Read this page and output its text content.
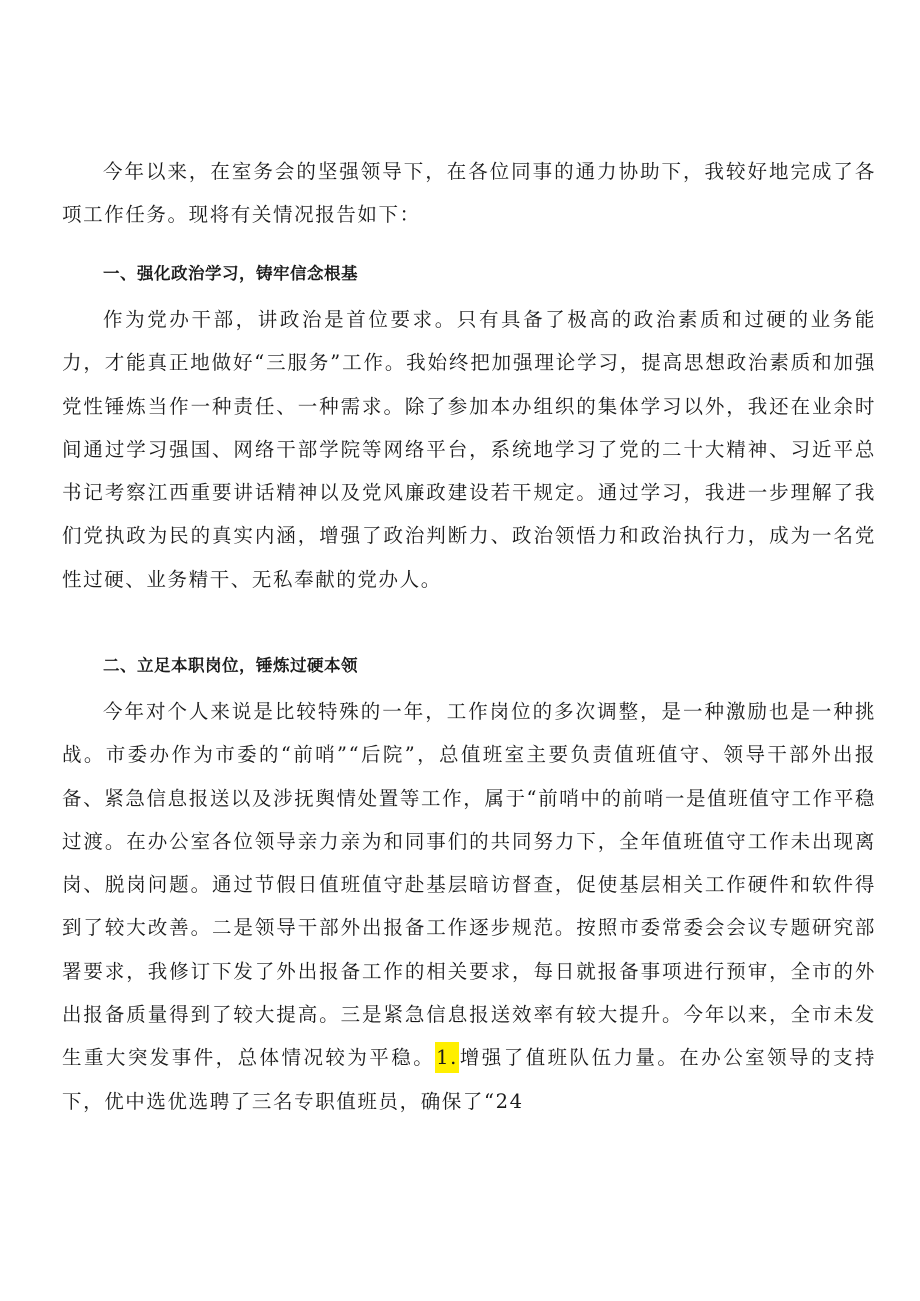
今年以来，在室务会的坚强领导下，在各位同事的通力协助下，我较好地完成了各项工作任务。现将有关情况报告如下：

一、强化政治学习，铸牢信念根基

作为党办干部，讲政治是首位要求。只有具备了极高的政治素质和过硬的业务能力，才能真正地做好“三服务”工作。我始终把加强理论学习，提高思想政治素质和加强党性锤炼当作一种责任、一种需求。除了参加本办组织的集体学习以外，我还在业余时间通过学习强国、网络干部学院等网络平台，系统地学习了党的二十大精神、习近平总书记考察江西重要讲话精神以及党风廉政建设若干规定。通过学习，我进一步理解了我们党执政为民的真实内涵，增强了政治判断力、政治领悟力和政治执行力，成为一名党性过硬、业务精干、无私奉献的党办人。

二、立足本职岗位，锤炼过硬本领

今年对个人来说是比较特殊的一年，工作岗位的多次调整，是一种激励也是一种挑战。市委办作为市委的“前哨”“后院”，总值班室主要负责值班值守、领导干部外出报备、紧急信息报送以及涉抚舆情处置等工作，属于“前哨中的前哨一是值班值守工作平稳过渡。在办公室各位领导亲力亲为和同事们的共同努力下，全年值班值守工作未出现离岗、脱岗问题。通过节假日值班值守赴基层暗访督查，促使基层相关工作硬件和软件得到了较大改善。二是领导干部外出报备工作逐步规范。按照市委常委会会议专题研究部署要求，我修订下发了外出报备工作的相关要求，每日就报备事项进行预审，全市的外出报备质量得到了较大提高。三是紧急信息报送效率有较大提升。今年以来，全市未发生重大突发事件，总体情况较为平稳。1.增强了值班队伍力量。在办公室领导的支持下，优中选优选聘了三名专职值班员，确保了“24
